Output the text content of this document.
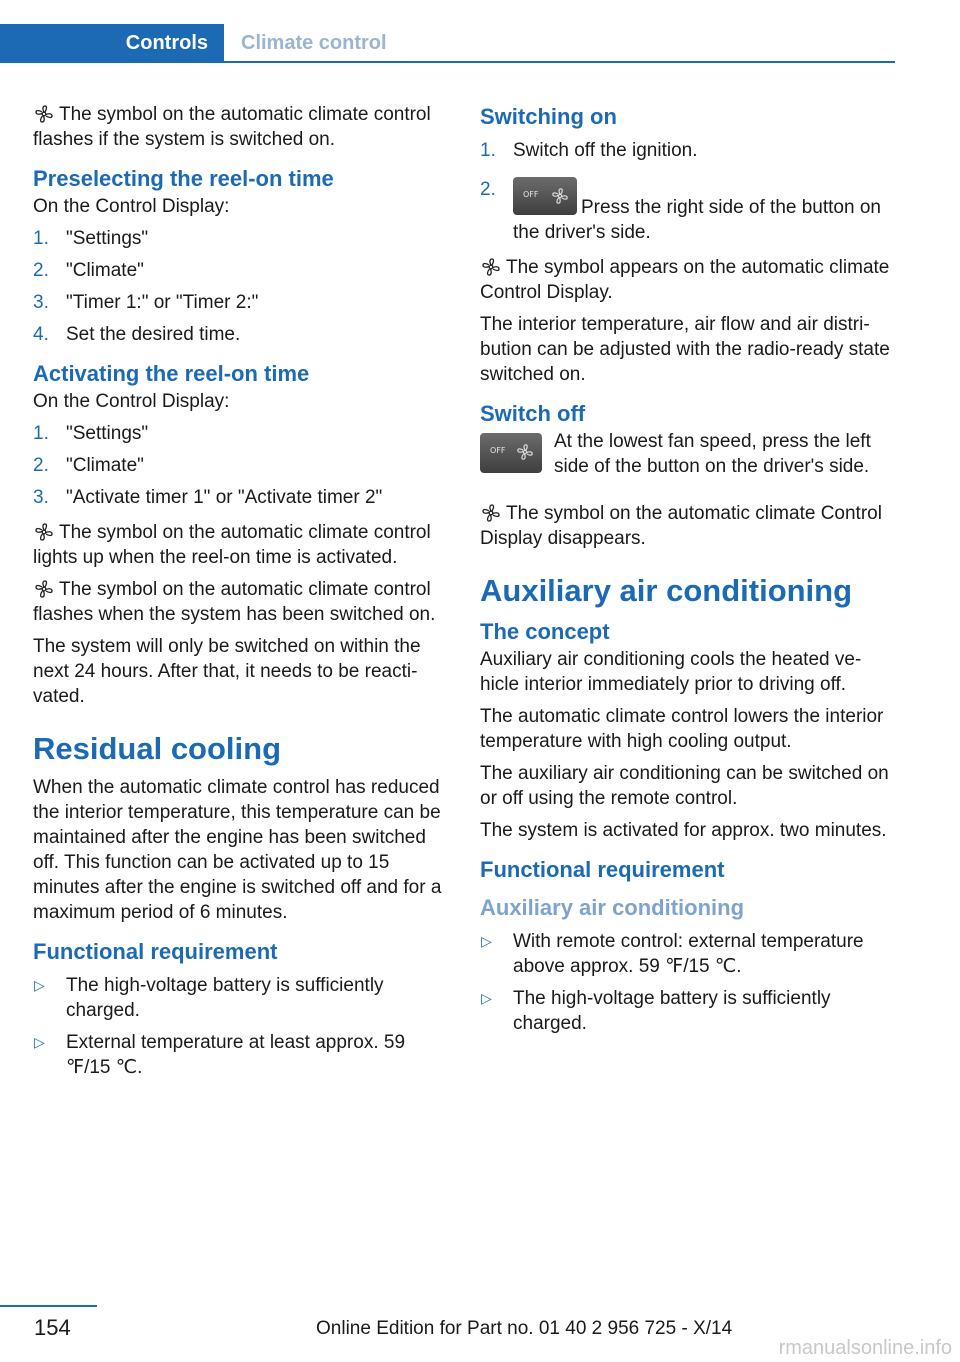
Controls	Climate control

The symbol on the automatic climate control flashes if the system is switched on.

Preselecting the reel-on time

On the Control Display:

1. "Settings"
2. "Climate"
3. "Timer 1:" or "Timer 2:"
4. Set the desired time.
Activating the reel-on time

On the Control Display:

1. "Settings"
2. "Climate"
3. "Activate timer 1" or "Activate timer 2"

The symbol on the automatic climate control lights up when the reel-on time is activated.

The symbol on the automatic climate control flashes when the system has been switched on.

The system will only be switched on within the next 24 hours. After that, it needs to be reactivated.

Residual cooling

When the automatic climate control has reduced the interior temperature, this temperature can be maintained after the engine has been switched off. This function can be activated up to 15 minutes after the engine is switched off and for a maximum period of 6 minutes.

Functional requirement
▷ The high-voltage battery is sufficiently charged.
▷ External temperature at least approx. 59 ℉/15 ℃.
Switching on
1. Switch off the ignition.
2.	OFF
Press the right side of the button on the driver's side.

The symbol appears on the automatic climate Control Display.

The interior temperature, air flow and air distribution can be adjusted with the radio-ready state switched on.

Switch off
OFF	At the lowest fan speed, press the left side of the button on the driver's side.

The symbol on the automatic climate Control Display disappears.

Auxiliary air conditioning
The concept

Auxiliary air conditioning cools the heated vehicle interior immediately prior to driving off.

The automatic climate control lowers the interior temperature with high cooling output.

The auxiliary air conditioning can be switched on or off using the remote control.

The system is activated for approx. two minutes.

Functional requirement
Auxiliary air conditioning
▷ With remote control: external temperature above approx. 59 ℉/15 ℃.
▷ The high-voltage battery is sufficiently charged.
154	Online Edition for Part no. 01 40 2 956 725 - X/14
rmanualsonline.info
